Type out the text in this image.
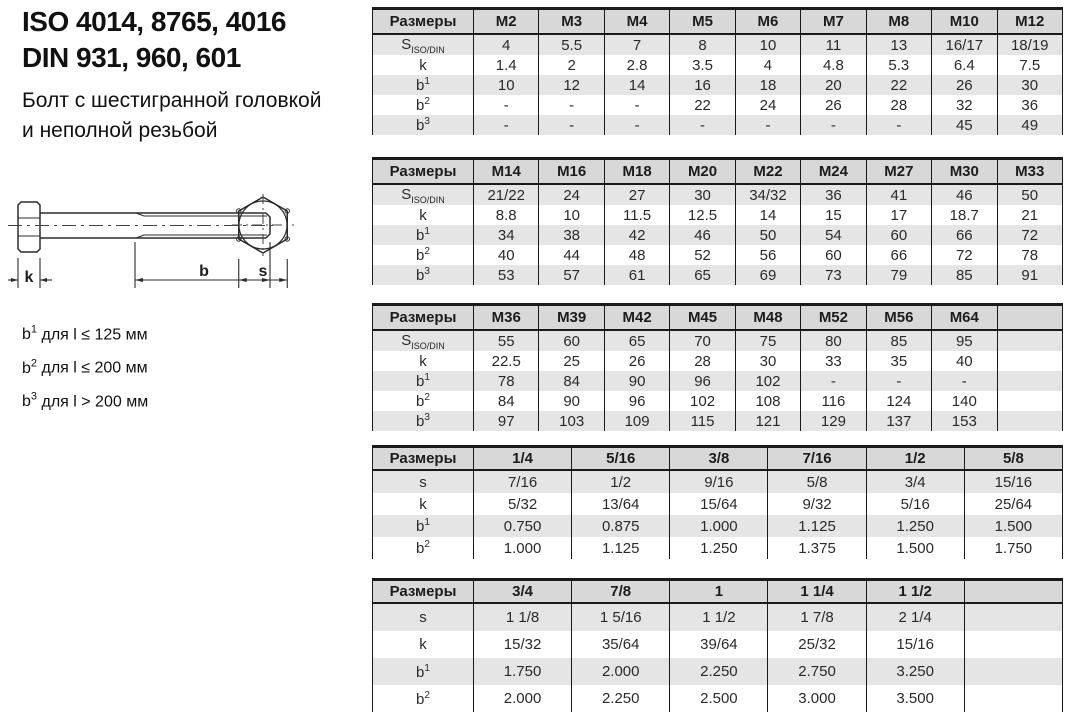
ISO 4014, 8765, 4016

DIN 931, 960, 601

Болт с шестигранной головкой

и неполной резьбой

k	b	s
$b^1$ для l ≤ 125 мм
$b^2$ для l ≤ 200 мм
$b^3$ для l > 200 мм
Размеры	M2	M3	M4	M5	M6	M7	M8	M10	M12
$S_{ISO/DIN}$	4	5.5	7	8	10	11	13	16/17	18/19
k	1.4	2	2.8	3.5	4	4.8	5.3	6.4	7.5
$b^1$	10	12	14	16	18	20	22	26	30
$b^2$	-	-	-	22	24	26	28	32	36
$b^3$	-	-	-	-	-	-	-	45	49
Размеры	M14	M16	M18	M20	M22	M24	M27	M30	M33
$S_{ISO/DIN}$	21/22	24	27	30	34/32	36	41	46	50
k	8.8	10	11.5	12.5	14	15	17	18.7	21
$b^1$	34	38	42	46	50	54	60	66	72
$b^2$	40	44	48	52	56	60	66	72	78
$b^3$	53	57	61	65	69	73	79	85	91
Размеры	M36	M39	M42	M45	M48	M52	M56	M64	
$S_{ISO/DIN}$	55	60	65	70	75	80	85	95	
k	22.5	25	26	28	30	33	35	40	
$b^1$	78	84	90	96	102	-	-	-	
$b^2$	84	90	96	102	108	116	124	140	
$b^3$	97	103	109	115	121	129	137	153	
Размеры	1/4	5/16	3/8	7/16	1/2	5/8
s	7/16	1/2	9/16	5/8	3/4	15/16
k	5/32	13/64	15/64	9/32	5/16	25/64
$b^1$	0.750	0.875	1.000	1.125	1.250	1.500
$b^2$	1.000	1.125	1.250	1.375	1.500	1.750
Размеры	3/4	7/8	1	1 1/4	1 1/2	
s	1 1/8	1 5/16	1 1/2	1 7/8	2 1/4	
k	15/32	35/64	39/64	25/32	15/16	
$b^1$	1.750	2.000	2.250	2.750	3.250	
$b^2$	2.000	2.250	2.500	3.000	3.500	
